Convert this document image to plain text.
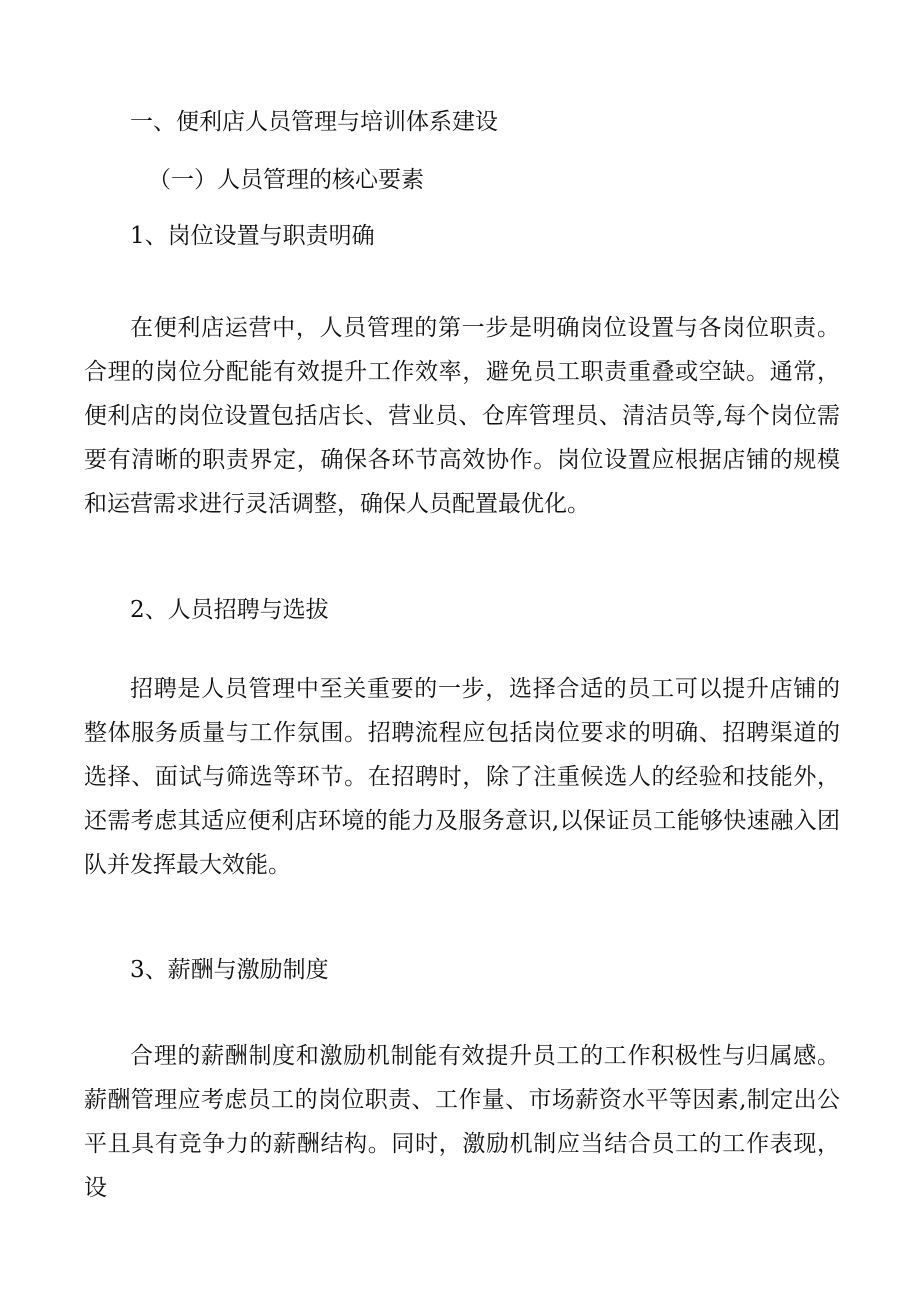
一、便利店人员管理与培训体系建设
（一）人员管理的核心要素
1、岗位设置与职责明确

在便利店运营中，人员管理的第一步是明确岗位设置与各岗位职责。合理的岗位分配能有效提升工作效率，避免员工职责重叠或空缺。通常，便利店的岗位设置包括店长、营业员、仓库管理员、清洁员等,每个岗位需要有清晰的职责界定，确保各环节高效协作。岗位设置应根据店铺的规模和运营需求进行灵活调整，确保人员配置最优化。

2、人员招聘与选拔

招聘是人员管理中至关重要的一步，选择合适的员工可以提升店铺的整体服务质量与工作氛围。招聘流程应包括岗位要求的明确、招聘渠道的选择、面试与筛选等环节。在招聘时，除了注重候选人的经验和技能外，还需考虑其适应便利店环境的能力及服务意识,以保证员工能够快速融入团队并发挥最大效能。

3、薪酬与激励制度

合理的薪酬制度和激励机制能有效提升员工的工作积极性与归属感。薪酬管理应考虑员工的岗位职责、工作量、市场薪资水平等因素,制定出公平且具有竞争力的薪酬结构。同时，激励机制应当结合员工的工作表现，设
